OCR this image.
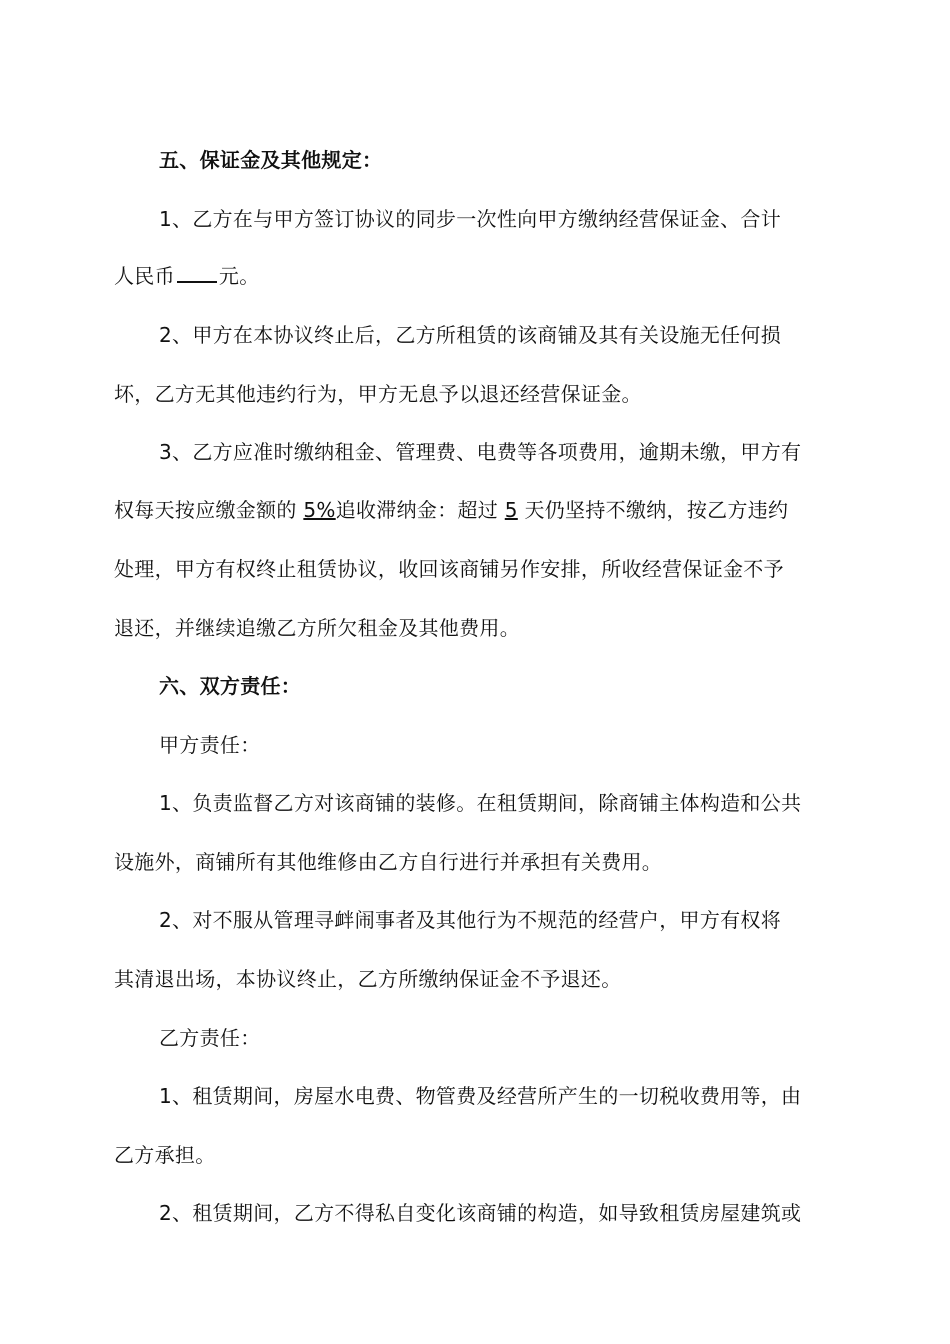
五、保证金及其他规定：
1、乙方在与甲方签订协议的同步一次性向甲方缴纳经营保证金、合计
人民币 元。
2、甲方在本协议终止后，乙方所租赁的该商铺及其有关设施无任何损
坏，乙方无其他违约行为，甲方无息予以退还经营保证金。
3、乙方应准时缴纳租金、管理费、电费等各项费用，逾期未缴，甲方有
权每天按应缴金额的 5%追收滞纳金：超过 5 天仍坚持不缴纳，按乙方违约
处理，甲方有权终止租赁协议，收回该商铺另作安排，所收经营保证金不予
退还，并继续追缴乙方所欠租金及其他费用。
六、双方责任：
甲方责任：
1、负责监督乙方对该商铺的装修。在租赁期间，除商铺主体构造和公共
设施外，商铺所有其他维修由乙方自行进行并承担有关费用。
2、对不服从管理寻衅闹事者及其他行为不规范的经营户，甲方有权将
其清退出场，本协议终止，乙方所缴纳保证金不予退还。
乙方责任：
1、租赁期间，房屋水电费、物管费及经营所产生的一切税收费用等，由
乙方承担。
2、租赁期间，乙方不得私自变化该商铺的构造，如导致租赁房屋建筑或
